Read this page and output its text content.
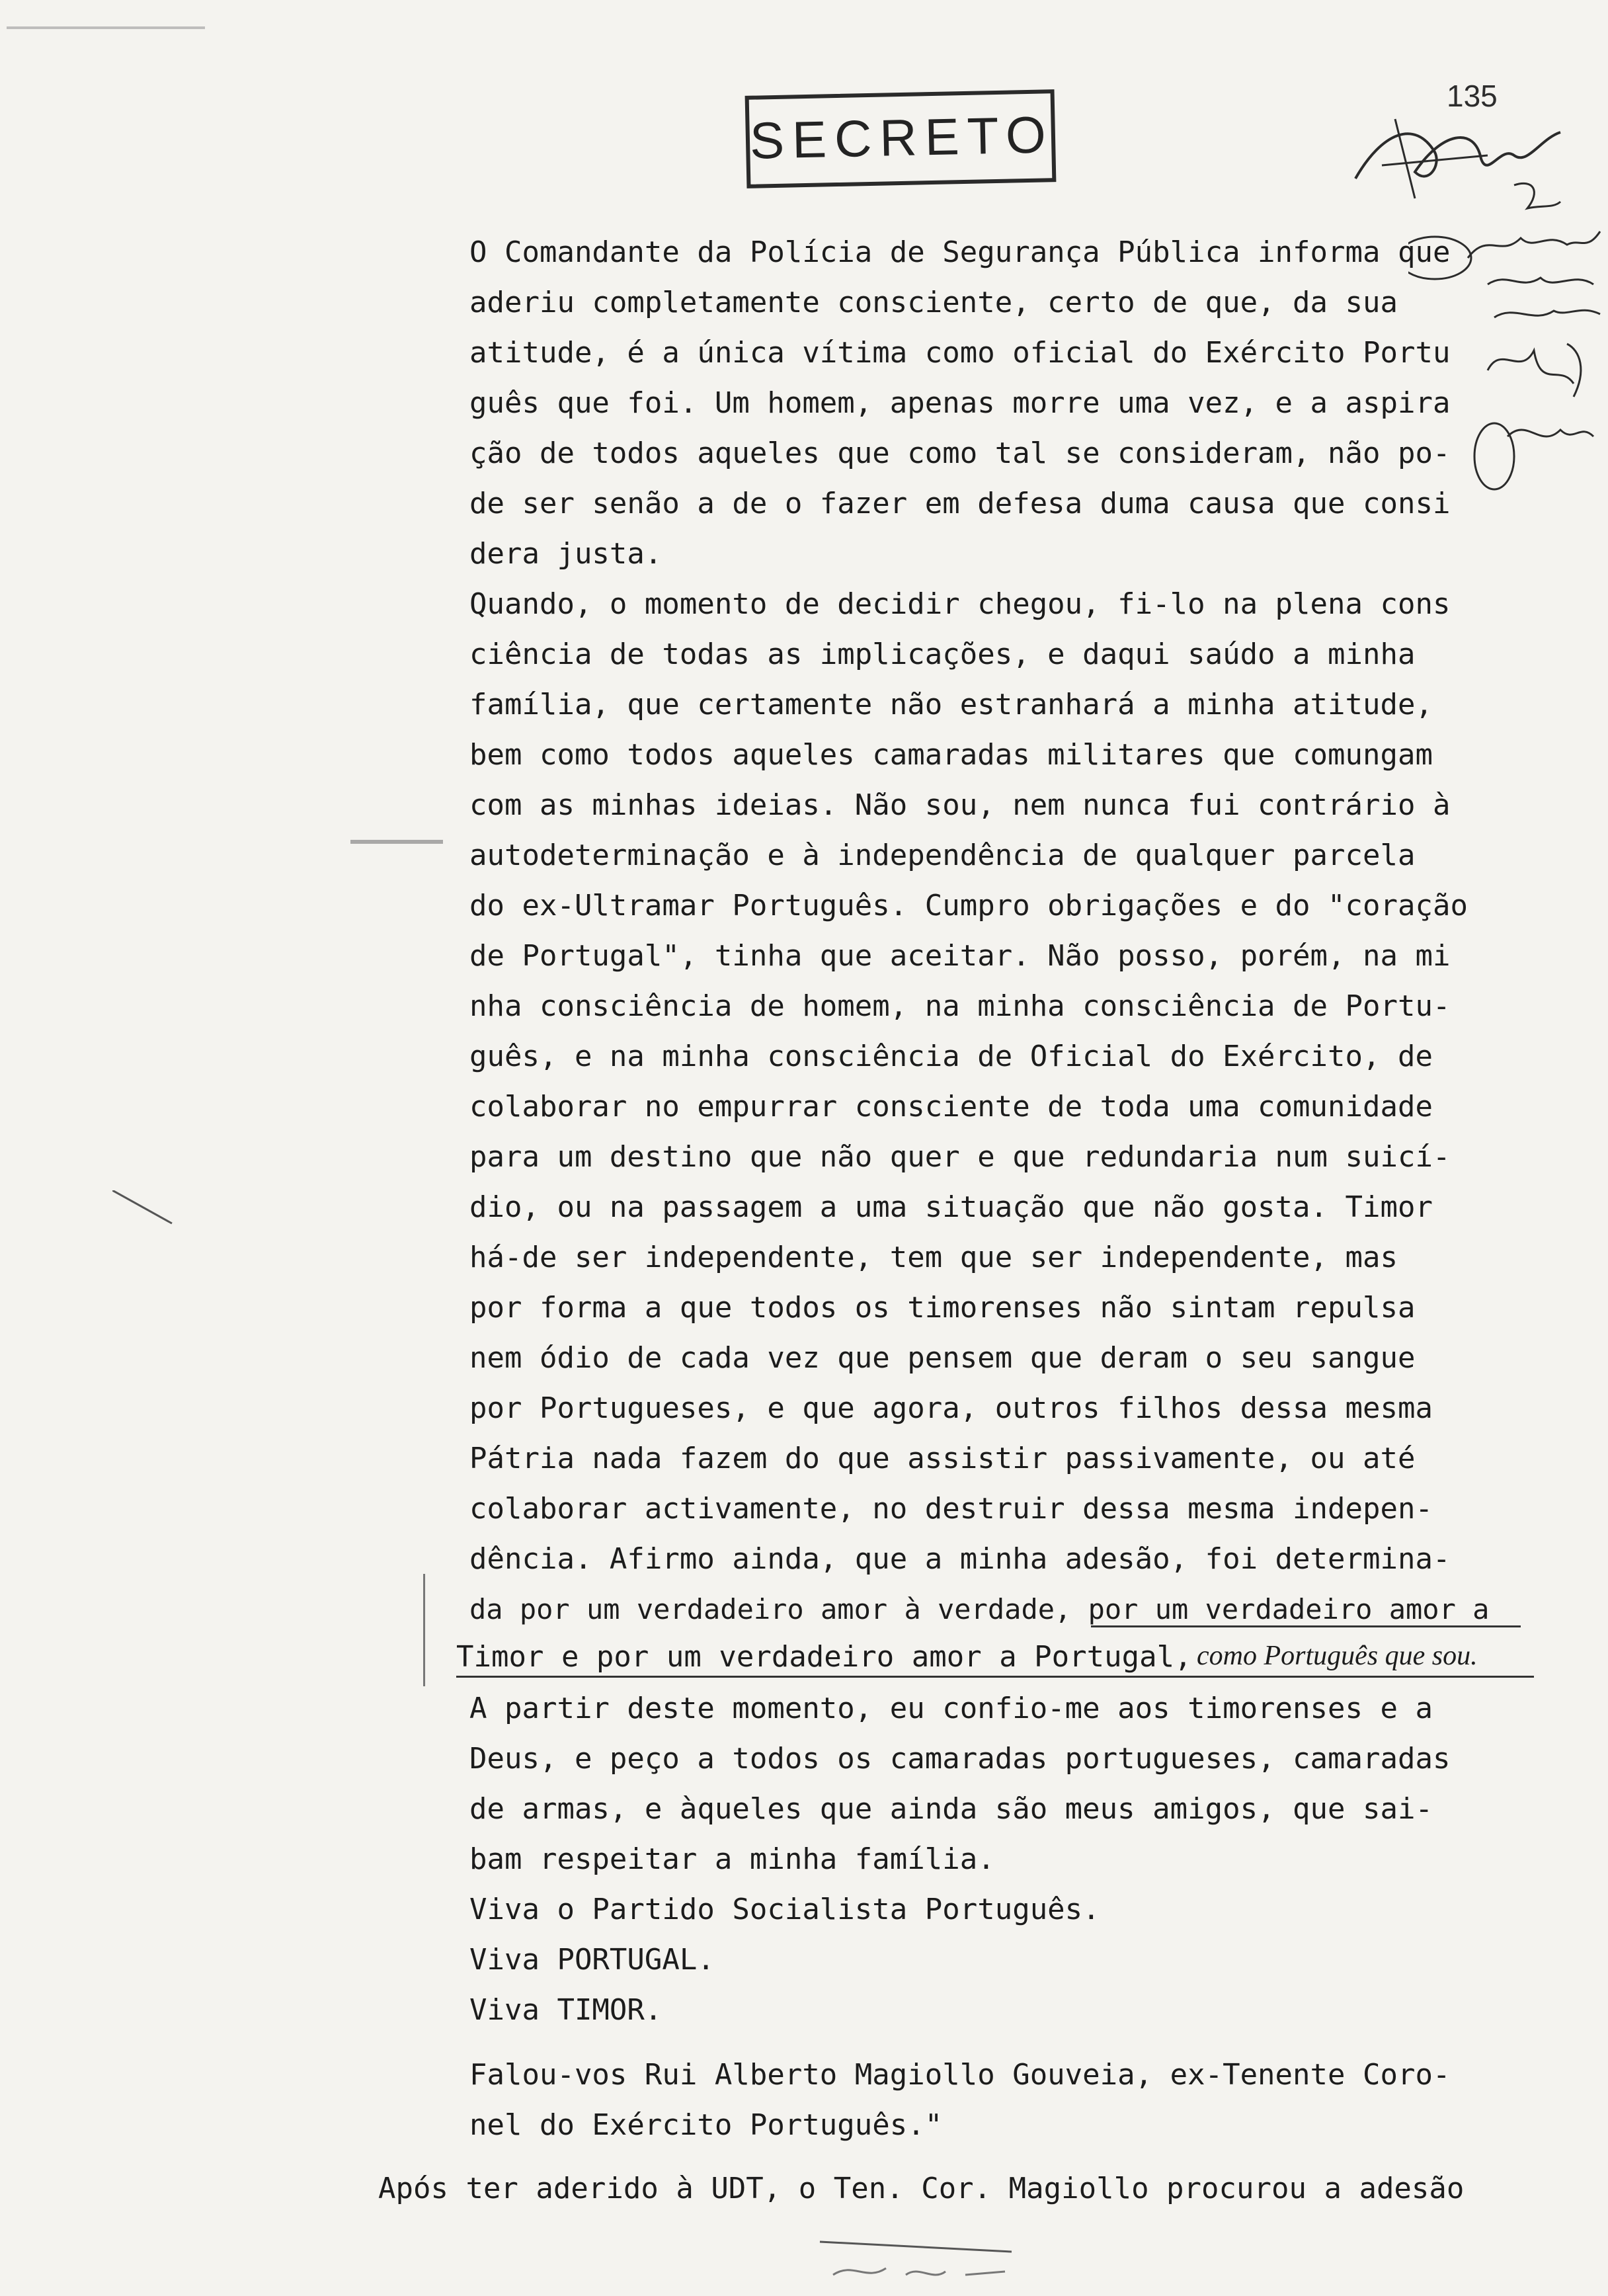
135
SECRETO
O Comandante da Polícia de Segurança Pública informa que
aderiu completamente consciente, certo de que, da sua
atitude, é a única vítima como oficial do Exército Portu
guês que foi. Um homem, apenas morre uma vez, e a aspira
ção de todos aqueles que como tal se consideram, não po-
de ser senão a de o fazer em defesa duma causa que consi
dera justa.
Quando, o momento de decidir chegou, fi-lo na plena cons
ciência de todas as implicações, e daqui saúdo a minha
família, que certamente não estranhará a minha atitude,
bem como todos aqueles camaradas militares que comungam
com as minhas ideias. Não sou, nem nunca fui contrário à
autodeterminação e à independência de qualquer parcela
do ex-Ultramar Português. Cumpro obrigações e do "coração
de Portugal", tinha que aceitar. Não posso, porém, na mi
nha consciência de homem, na minha consciência de Portu-
guês, e na minha consciência de Oficial do Exército, de
colaborar no empurrar consciente de toda uma comunidade
para um destino que não quer e que redundaria num suicí-
dio, ou na passagem a uma situação que não gosta. Timor
há-de ser independente, tem que ser independente, mas
por forma a que todos os timorenses não sintam repulsa
nem ódio de cada vez que pensem que deram o seu sangue
por Portugueses, e que agora, outros filhos dessa mesma
Pátria nada fazem do que assistir passivamente, ou até
colaborar activamente, no destruir dessa mesma indepen-
dência. Afirmo ainda, que a minha adesão, foi determina-
da por um verdadeiro amor à verdade, por um verdadeiro amor a
Timor e por um verdadeiro amor a Portugal, como Português que sou.
A partir deste momento, eu confio-me aos timorenses e a
Deus, e peço a todos os camaradas portugueses, camaradas
de armas, e àqueles que ainda são meus amigos, que sai-
bam respeitar a minha família.
Viva o Partido Socialista Português.
Viva PORTUGAL.
Viva TIMOR.
Falou-vos Rui Alberto Magiollo Gouveia, ex-Tenente Coro-
nel do Exército Português."
Após ter aderido à UDT, o Ten. Cor. Magiollo procurou a adesão
